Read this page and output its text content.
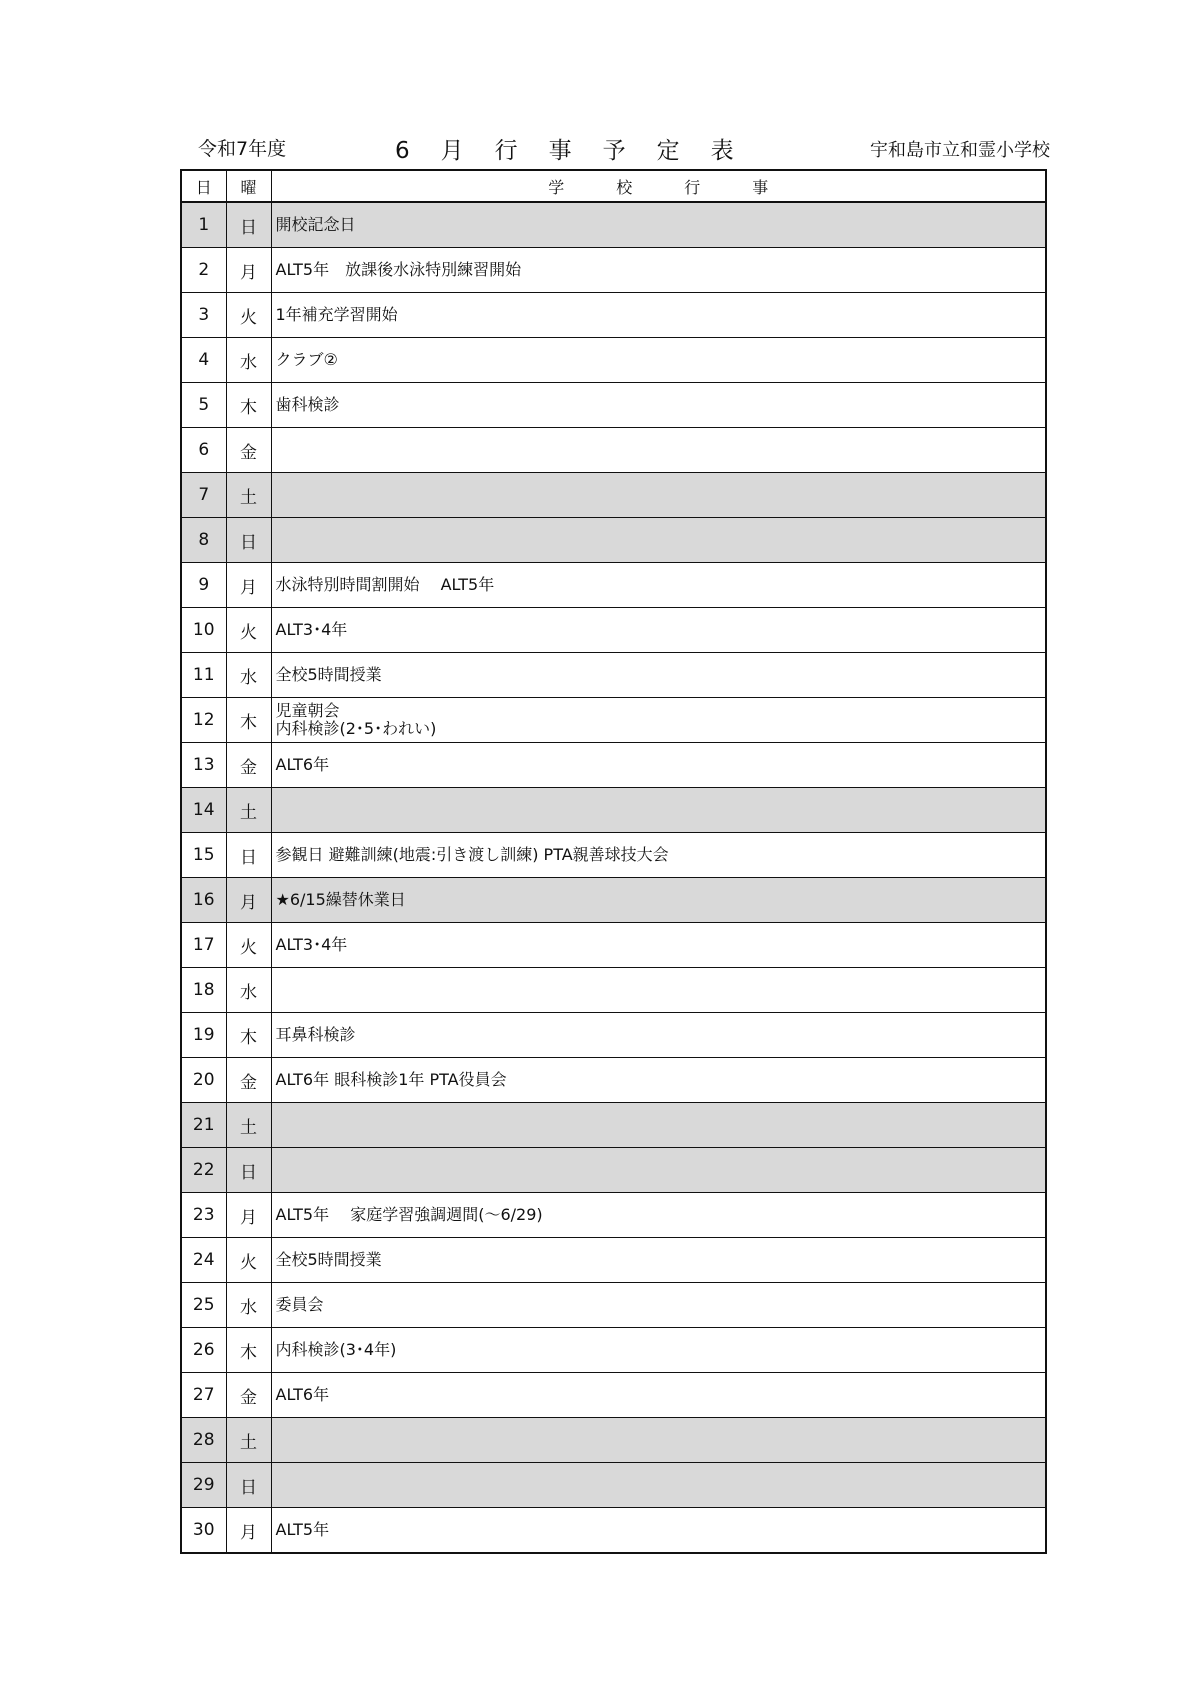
令和7年度	6月行事予定表	宇和島市立和霊小学校
日	曜	学校行事
1	日	開校記念日
2	月	ALT5年　放課後水泳特別練習開始
3	火	1年補充学習開始
4	水	クラブ②
5	木	歯科検診
6	金	
7	土	
8	日	
9	月	水泳特別時間割開始　 ALT5年
10	火	ALT3･4年
11	水	全校5時間授業
12	木	児童朝会
内科検診(2･5･われい)
13	金	ALT6年
14	土	
15	日	参観日 避難訓練(地震:引き渡し訓練) PTA親善球技大会
16	月	★6/15繰替休業日
17	火	ALT3･4年
18	水	
19	木	耳鼻科検診
20	金	ALT6年 眼科検診1年 PTA役員会
21	土	
22	日	
23	月	ALT5年　 家庭学習強調週間(～6/29)
24	火	全校5時間授業
25	水	委員会
26	木	内科検診(3･4年)
27	金	ALT6年
28	土	
29	日	
30	月	ALT5年
